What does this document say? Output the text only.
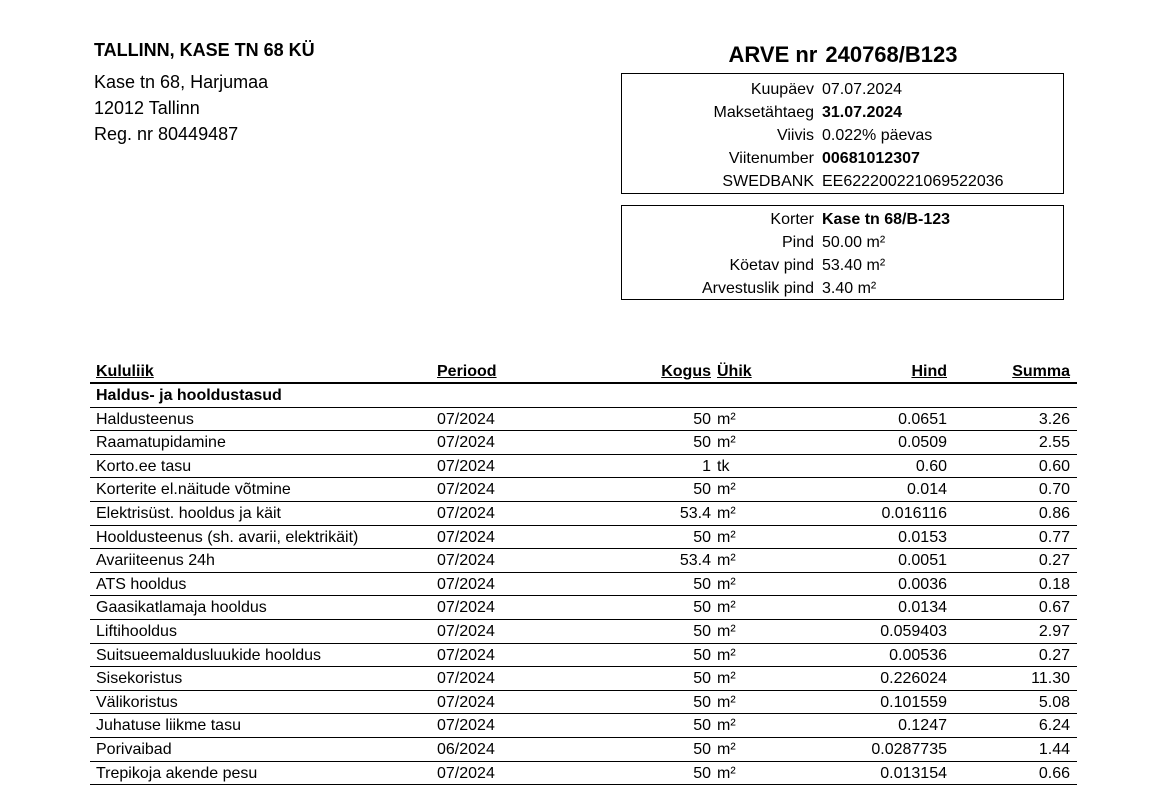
TALLINN, KASE TN 68 KÜ
Kase tn 68, Harjumaa
12012 Tallinn
Reg. nr 80449487
ARVE nr 240768/B123
Kuupäev 07.07.2024
Maksetähtaeg 31.07.2024
Viivis 0.022% päevas
Viitenumber 00681012307
SWEDBANK EE622200221069522036
Korter Kase tn 68/B-123
Pind 50.00 m²
Köetav pind 53.40 m²
Arvestuslik pind 3.40 m²
Kululiik	Periood	Kogus Ühik	Hind	Summa
Haldus- ja hooldustasud
Haldusteenus	07/2024	50 m²	0.0651	3.26
Raamatupidamine	07/2024	50 m²	0.0509	2.55
Korto.ee tasu	07/2024	1 tk	0.60	0.60
Korterite el.näitude võtmine	07/2024	50 m²	0.014	0.70
Elektrisüst. hooldus ja käit	07/2024	53.4 m²	0.016116	0.86
Hooldusteenus (sh. avarii, elektrikäit)	07/2024	50 m²	0.0153	0.77
Avariiteenus 24h	07/2024	53.4 m²	0.0051	0.27
ATS hooldus	07/2024	50 m²	0.0036	0.18
Gaasikatlamaja hooldus	07/2024	50 m²	0.0134	0.67
Liftihooldus	07/2024	50 m²	0.059403	2.97
Suitsueemaldusluukide hooldus	07/2024	50 m²	0.00536	0.27
Sisekoristus	07/2024	50 m²	0.226024	11.30
Välikoristus	07/2024	50 m²	0.101559	5.08
Juhatuse liikme tasu	07/2024	50 m²	0.1247	6.24
Porivaibad	06/2024	50 m²	0.0287735	1.44
Trepikoja akende pesu	07/2024	50 m²	0.013154	0.66
